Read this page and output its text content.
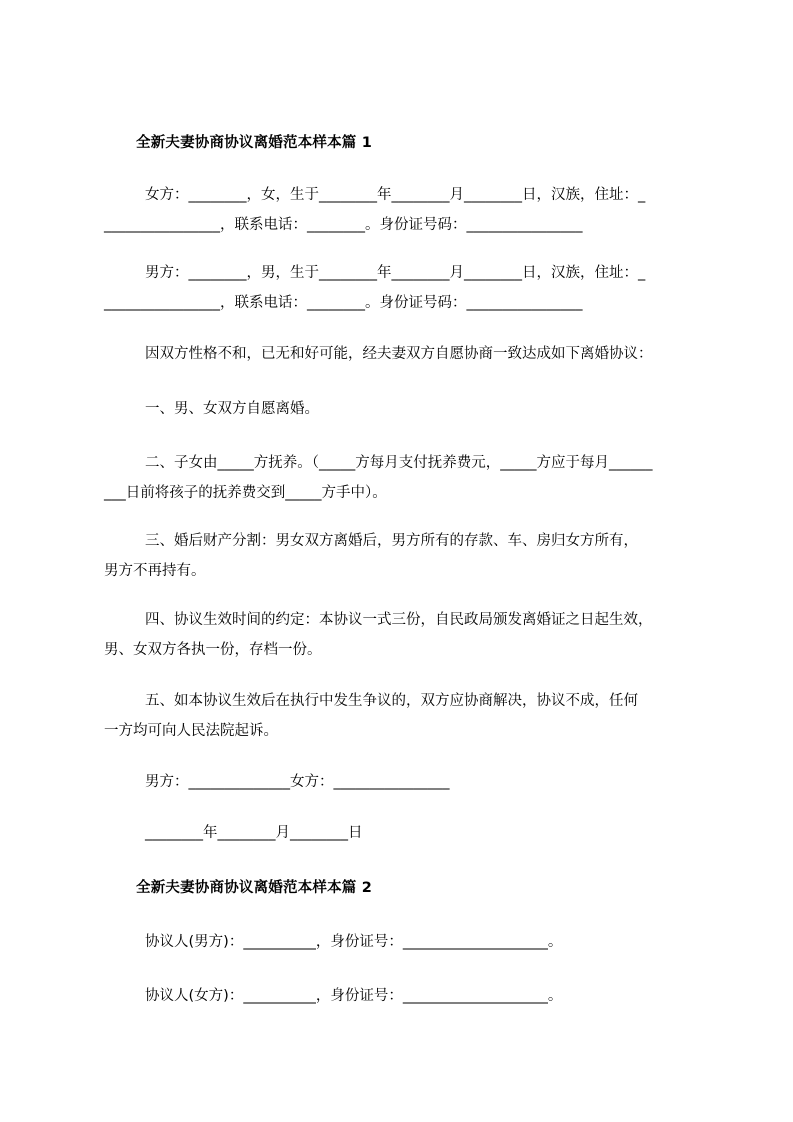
全新夫妻协商协议离婚范本样本篇 1
女方：________，女，生于________年________月________日，汉族，住址：_
________________，联系电话：________。身份证号码：________________
男方：________，男，生于________年________月________日，汉族，住址：_
________________，联系电话：________。身份证号码：________________
因双方性格不和，已无和好可能，经夫妻双方自愿协商一致达成如下离婚协议：
一、男、女双方自愿离婚。
二、子女由_____方抚养。（_____方每月支付抚养费元，_____方应于每月______
___日前将孩子的抚养费交到_____方手中）。
三、婚后财产分割：男女双方离婚后，男方所有的存款、车、房归女方所有，
男方不再持有。
四、协议生效时间的约定：本协议一式三份，自民政局颁发离婚证之日起生效，
男、女双方各执一份，存档一份。
五、如本协议生效后在执行中发生争议的，双方应协商解决，协议不成，任何
一方均可向人民法院起诉。
男方：______________女方：________________
________年________月________日
全新夫妻协商协议离婚范本样本篇 2
协议人(男方)：__________，身份证号：____________________。
协议人(女方)：__________，身份证号：____________________。
